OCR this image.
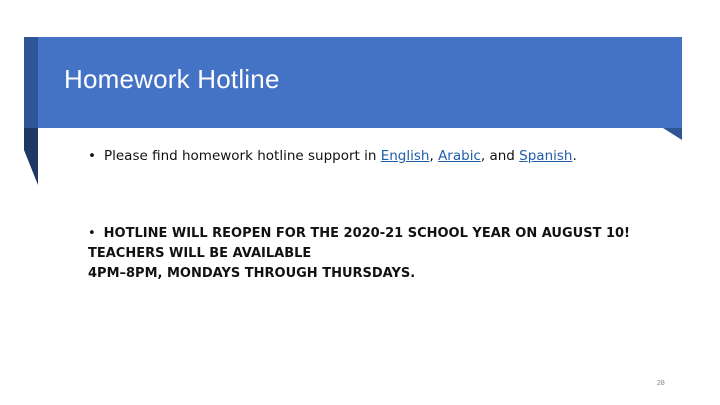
Homework Hotline
• Please find homework hotline support in English, Arabic, and Spanish.
• HOTLINE WILL REOPEN FOR THE 2020-21 SCHOOL YEAR ON AUGUST 10!
TEACHERS WILL BE AVAILABLE
4PM–8PM, MONDAYS THROUGH THURSDAYS.
28
